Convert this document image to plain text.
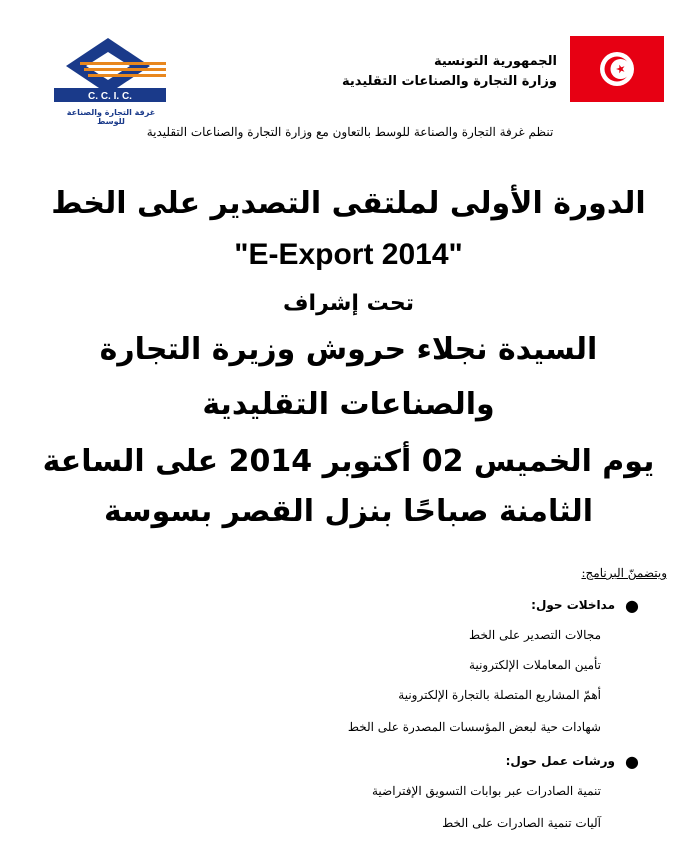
الجمهورية التونسية
وزارة التجارة والصناعات التقليدية
C. C. I. C.
غرفة التجارة والصناعة للوسط
تنظم غرفة التجارة والصناعة للوسط بالتعاون مع وزارة التجارة والصناعات التقليدية
الدورة الأولى لملتقى التصدير على الخط
"E-Export 2014"
تحت إشراف
السيدة نجلاء حروش وزيرة التجارة
والصناعات التقليدية
يوم الخميس 02 أكتوبر 2014 على الساعة
الثامنة صباحًا بنزل القصر بسوسة
ويتضمنّ البرنامج:
●
مداخلات حول:
مجالات التصدير على الخط
تأمين المعاملات الإلكترونية
أهمّ المشاريع المتصلة بالتجارة الإلكترونية
شهادات حية لبعض المؤسسات المصدرة على الخط
●
ورشات عمل حول:
تنمية الصادرات عبر بوابات التسويق الإفتراضية
آليات تنمية الصادرات على الخط
